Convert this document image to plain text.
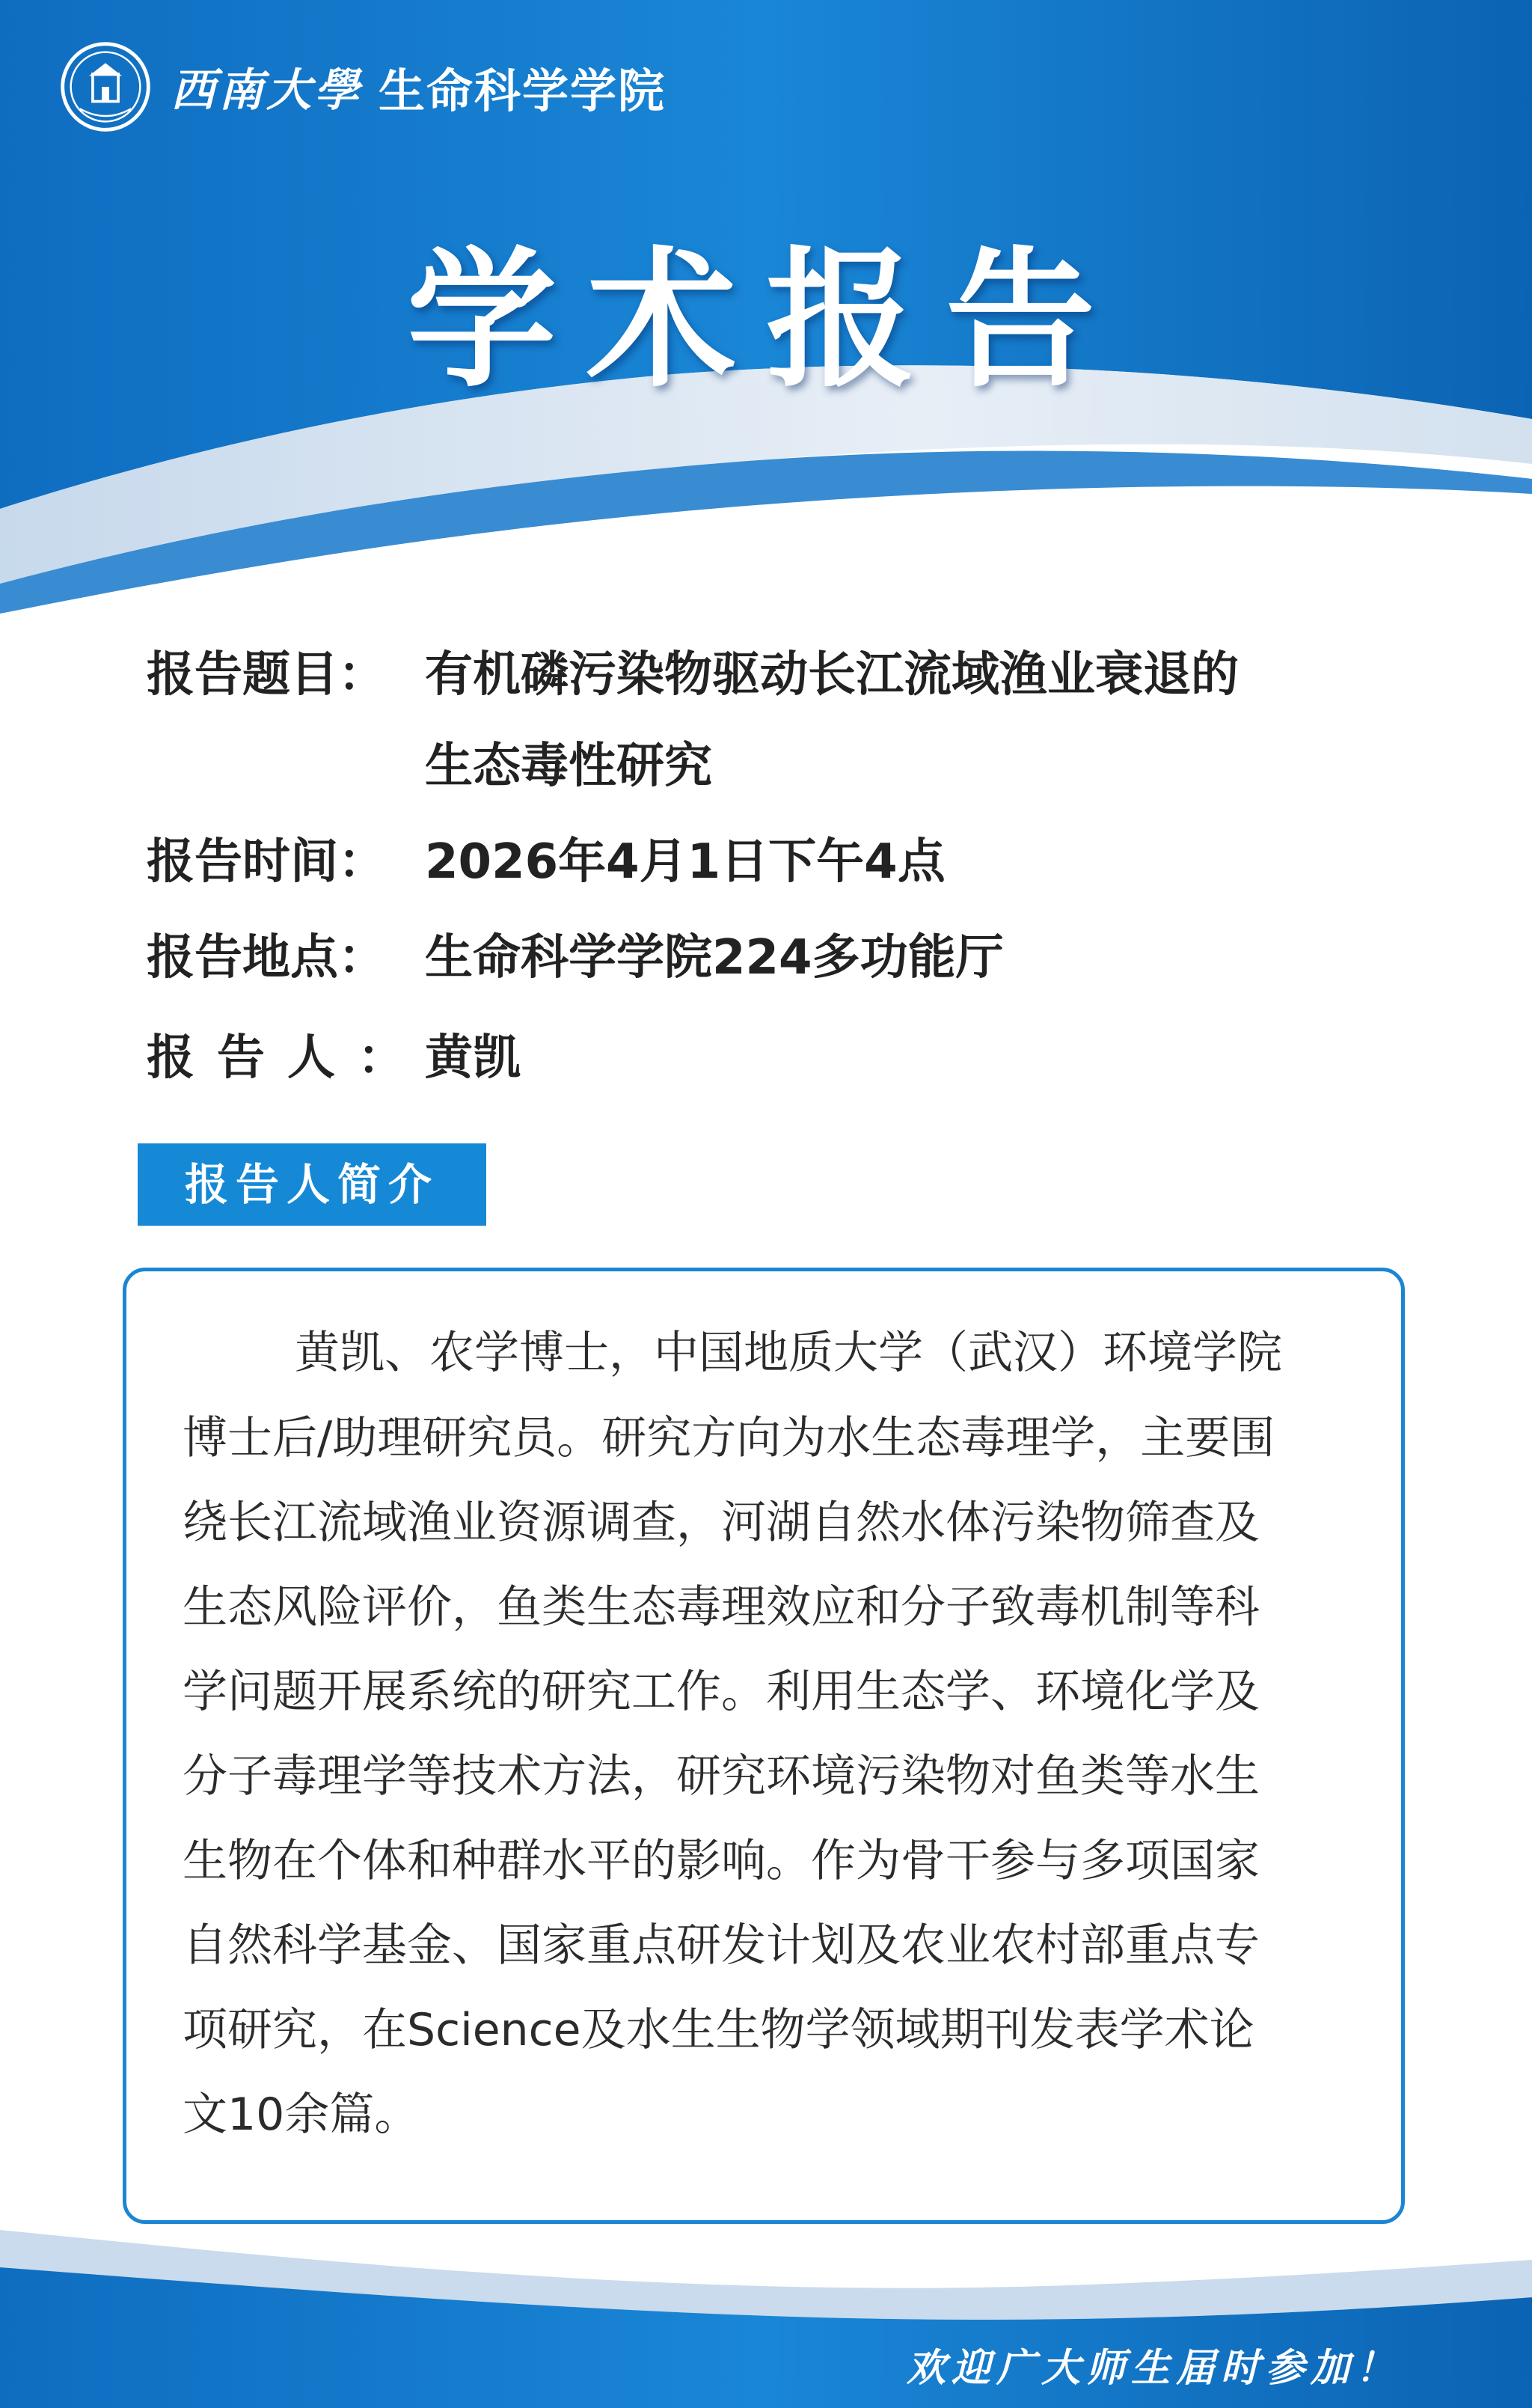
西南大學 生命科学学院
学术报告
报告题目： 有机磷污染物驱动长江流域渔业衰退的
生态毒性研究
报告时间： 2026年4月1日下午4点
报告地点： 生命科学学院224多功能厅
报告人：
黄凯
报告人简介
黄凯、农学博士，中国地质大学（武汉）环境学院
博士后/助理研究员。研究方向为水生态毒理学，主要围
绕长江流域渔业资源调查，河湖自然水体污染物筛查及
生态风险评价，鱼类生态毒理效应和分子致毒机制等科
学问题开展系统的研究工作。利用生态学、环境化学及
分子毒理学等技术方法，研究环境污染物对鱼类等水生
生物在个体和种群水平的影响。作为骨干参与多项国家
自然科学基金、国家重点研发计划及农业农村部重点专
项研究，在Science及水生生物学领域期刊发表学术论
文10余篇。
欢迎广大师生届时参加！
